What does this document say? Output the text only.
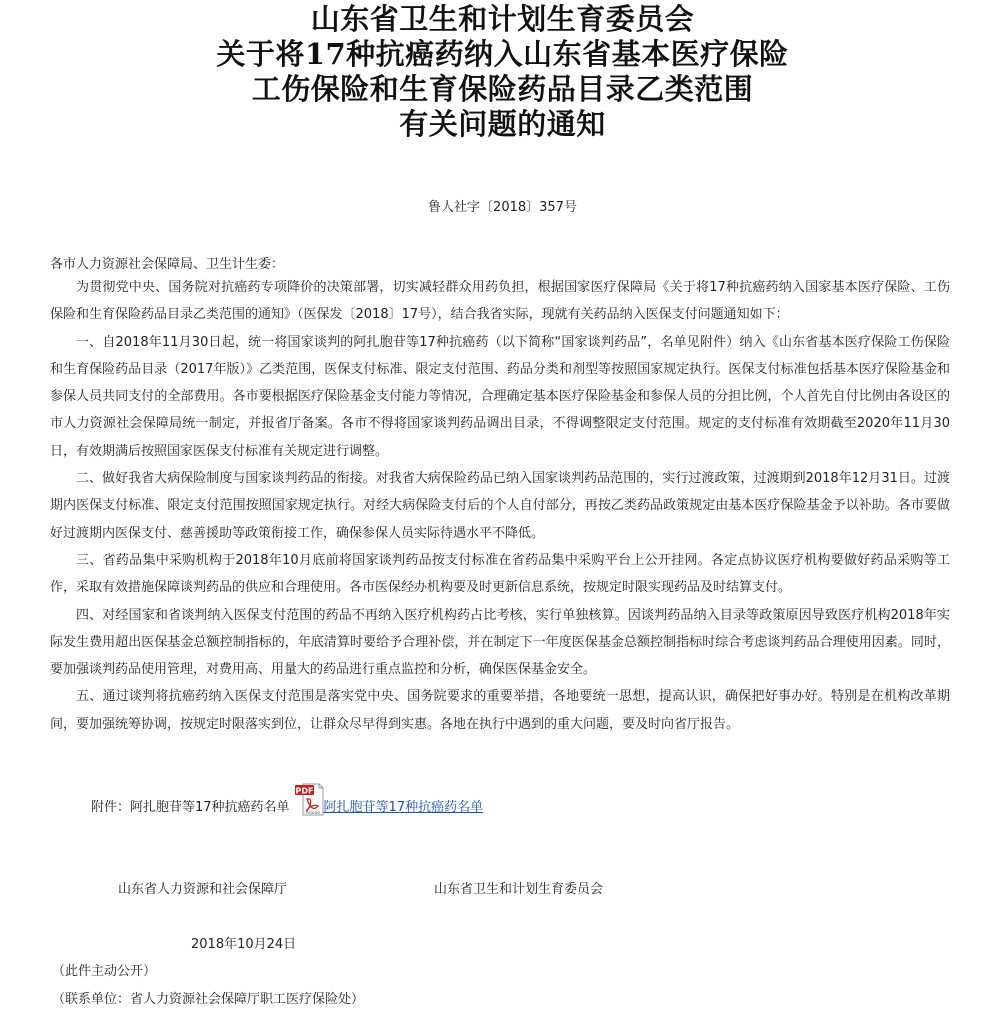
山东省卫生和计划生育委员会
关于将17种抗癌药纳入山东省基本医疗保险
工伤保险和生育保险药品目录乙类范围
有关问题的通知
鲁人社字〔2018〕357号
各市人力资源社会保障局、卫生计生委：

为贯彻党中央、国务院对抗癌药专项降价的决策部署，切实减轻群众用药负担，根据国家医疗保障局《关于将17种抗癌药纳入国家基本医疗保险、工伤保险和生育保险药品目录乙类范围的通知》（医保发〔2018〕17号），结合我省实际，现就有关药品纳入医保支付问题通知如下：

一、自2018年11月30日起，统一将国家谈判的阿扎胞苷等17种抗癌药（以下简称“国家谈判药品”，名单见附件）纳入《山东省基本医疗保险工伤保险和生育保险药品目录（2017年版）》乙类范围，医保支付标准、限定支付范围、药品分类和剂型等按照国家规定执行。医保支付标准包括基本医疗保险基金和参保人员共同支付的全部费用。各市要根据医疗保险基金支付能力等情况，合理确定基本医疗保险基金和参保人员的分担比例，个人首先自付比例由各设区的市人力资源社会保障局统一制定，并报省厅备案。各市不得将国家谈判药品调出目录，不得调整限定支付范围。规定的支付标准有效期截至2020年11月30日，有效期满后按照国家医保支付标准有关规定进行调整。

二、做好我省大病保险制度与国家谈判药品的衔接。对我省大病保险药品已纳入国家谈判药品范围的，实行过渡政策，过渡期到2018年12月31日。过渡期内医保支付标准、限定支付范围按照国家规定执行。对经大病保险支付后的个人自付部分，再按乙类药品政策规定由基本医疗保险基金予以补助。各市要做好过渡期内医保支付、慈善援助等政策衔接工作，确保参保人员实际待遇水平不降低。

三、省药品集中采购机构于2018年10月底前将国家谈判药品按支付标准在省药品集中采购平台上公开挂网。各定点协议医疗机构要做好药品采购等工作，采取有效措施保障谈判药品的供应和合理使用。各市医保经办机构要及时更新信息系统，按规定时限实现药品及时结算支付。

四、对经国家和省谈判纳入医保支付范围的药品不再纳入医疗机构药占比考核，实行单独核算。因谈判药品纳入目录等政策原因导致医疗机构2018年实际发生费用超出医保基金总额控制指标的，年底清算时要给予合理补偿，并在制定下一年度医保基金总额控制指标时综合考虑谈判药品合理使用因素。同时，要加强谈判药品使用管理，对费用高、用量大的药品进行重点监控和分析，确保医保基金安全。

五、通过谈判将抗癌药纳入医保支付范围是落实党中央、国务院要求的重要举措，各地要统一思想，提高认识，确保把好事办好。特别是在机构改革期间，要加强统筹协调，按规定时限落实到位，让群众尽早得到实惠。各地在执行中遇到的重大问题，要及时向省厅报告。

附件：阿扎胞苷等17种抗癌药名单
PDF
Adobe 阿扎胞苷等17种抗癌药名单
山东省人力资源和社会保障厅	山东省卫生和计划生育委员会
2018年10月24日
（此件主动公开）
（联系单位：省人力资源社会保障厅职工医疗保险处）
